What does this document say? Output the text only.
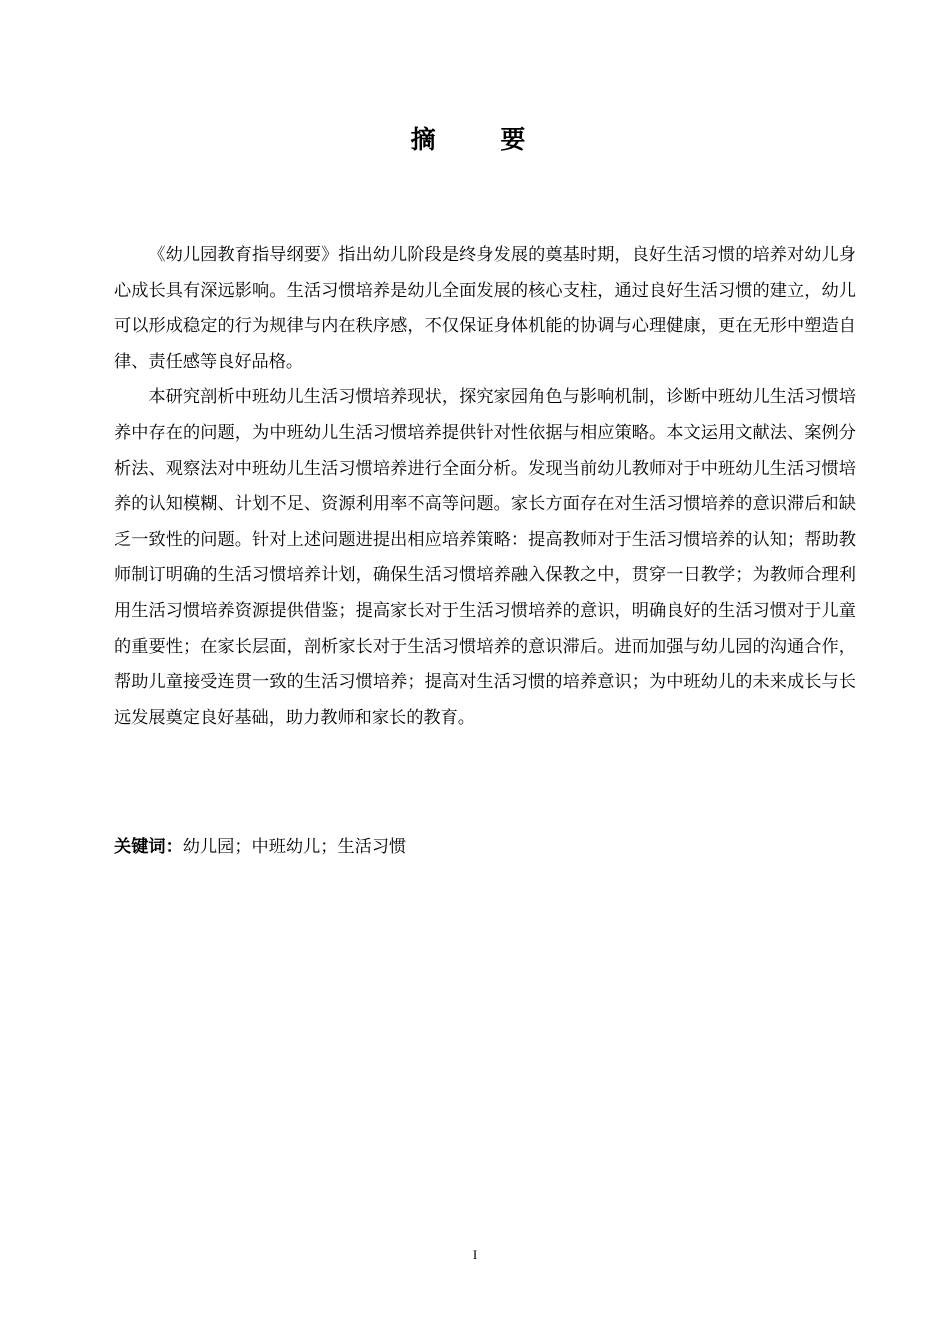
摘 要

《幼儿园教育指导纲要》指出幼儿阶段是终身发展的奠基时期，良好生活习惯的培养对幼儿身心成长具有深远影响。生活习惯培养是幼儿全面发展的核心支柱，通过良好生活习惯的建立，幼儿可以形成稳定的行为规律与内在秩序感，不仅保证身体机能的协调与心理健康，更在无形中塑造自律、责任感等良好品格。

本研究剖析中班幼儿生活习惯培养现状，探究家园角色与影响机制，诊断中班幼儿生活习惯培养中存在的问题，为中班幼儿生活习惯培养提供针对性依据与相应策略。本文运用文献法、案例分析法、观察法对中班幼儿生活习惯培养进行全面分析。发现当前幼儿教师对于中班幼儿生活习惯培养的认知模糊、计划不足、资源利用率不高等问题。家长方面存在对生活习惯培养的意识滞后和缺乏一致性的问题。针对上述问题进提出相应培养策略：提高教师对于生活习惯培养的认知；帮助教师制订明确的生活习惯培养计划，确保生活习惯培养融入保教之中，贯穿一日教学；为教师合理利用生活习惯培养资源提供借鉴；提高家长对于生活习惯培养的意识，明确良好的生活习惯对于儿童的重要性；在家长层面，剖析家长对于生活习惯培养的意识滞后。进而加强与幼儿园的沟通合作，帮助儿童接受连贯一致的生活习惯培养；提高对生活习惯的培养意识；为中班幼儿的未来成长与长远发展奠定良好基础，助力教师和家长的教育。

关键词：幼儿园；中班幼儿；生活习惯
I
